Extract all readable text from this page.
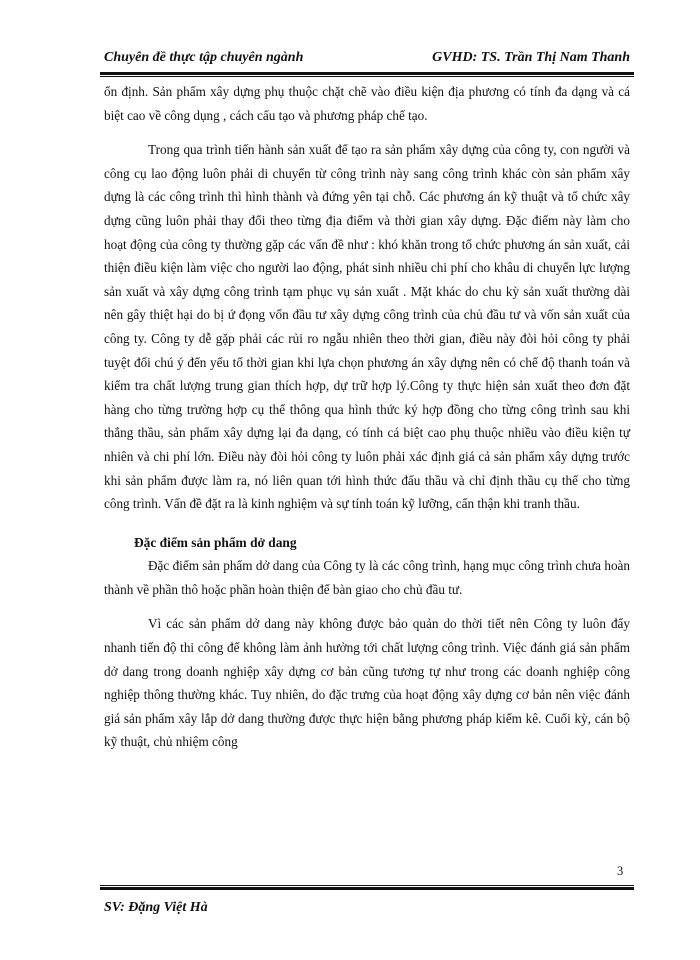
Chuyên đề thực tập chuyên ngành	GVHD: TS. Trần Thị Nam Thanh

ổn định. Sản phẩm xây dựng phụ thuộc chặt chẽ vào điều kiện địa phương có tính đa dạng và cá biệt cao về công dụng , cách cấu tạo và phương pháp chế tạo.

Trong qua trình tiến hành sản xuất để tạo ra sản phẩm xây dựng của công ty, con người và công cụ lao động luôn phải di chuyển từ công trình này sang công trình khác còn sản phẩm xây dựng là các công trình thì hình thành và đứng yên tại chỗ. Các phương án kỹ thuật và tổ chức xây dựng cũng luôn phải thay đổi theo từng địa điểm và thời gian xây dựng. Đặc điểm này làm cho hoạt động của công ty thường gặp các vấn đề như : khó khăn trong tổ chức phương án sản xuất, cải thiện điều kiện làm việc cho người lao động, phát sinh nhiều chi phí cho khâu di chuyển lực lượng sản xuất và xây dựng công trình tạm phục vụ sản xuất . Mặt khác do chu kỳ sản xuất thường dài nên gây thiệt hại do bị ứ đọng vốn đầu tư xây dựng công trình của chủ đầu tư và vốn sản xuất của công ty. Công ty dễ gặp phải các rủi ro ngẫu nhiên theo thời gian, điều này đòi hỏi công ty phải tuyệt đối chú ý đến yếu tố thời gian khi lựa chọn phương án xây dựng nên có chế độ thanh toán và kiểm tra chất lượng trung gian thích hợp, dự trữ hợp lý.Công ty thực hiện sản xuất theo đơn đặt hàng cho từng trường hợp cụ thể thông qua hình thức ký hợp đồng cho từng công trình sau khi thắng thầu, sản phẩm xây dựng lại đa dạng, có tính cá biệt cao phụ thuộc nhiều vào điều kiện tự nhiên và chi phí lớn. Điều này đòi hỏi công ty luôn phải xác định giá cả sản phẩm xây dựng trước khi sản phẩm được làm ra, nó liên quan tới hình thức đấu thầu và chỉ định thầu cụ thể cho từng công trình. Vấn đề đặt ra là kinh nghiệm và sự tính toán kỹ lưỡng, cẩn thận khi tranh thầu.

Đặc điểm sản phẩm dở dang

Đặc điểm sản phẩm dở dang của Công ty là các công trình, hạng mục công trình chưa hoàn thành về phần thô hoặc phần hoàn thiện để bàn giao cho chủ đầu tư.

Vì các sản phẩm dở dang này không được bảo quản do thời tiết nên Công ty luôn đẩy nhanh tiến độ thi công để không làm ảnh hưởng tới chất lượng công trình. Việc đánh giá sản phẩm dở dang trong doanh nghiệp xây dựng cơ bản cũng tương tự như trong các doanh nghiệp công nghiệp thông thường khác. Tuy nhiên, do đặc trưng của hoạt động xây dựng cơ bản nên việc đánh giá sản phẩm xây lắp dở dang thường được thực hiện bằng phương pháp kiểm kê. Cuối kỳ, cán bộ kỹ thuật, chủ nhiệm công

3
SV: Đặng Việt Hà
